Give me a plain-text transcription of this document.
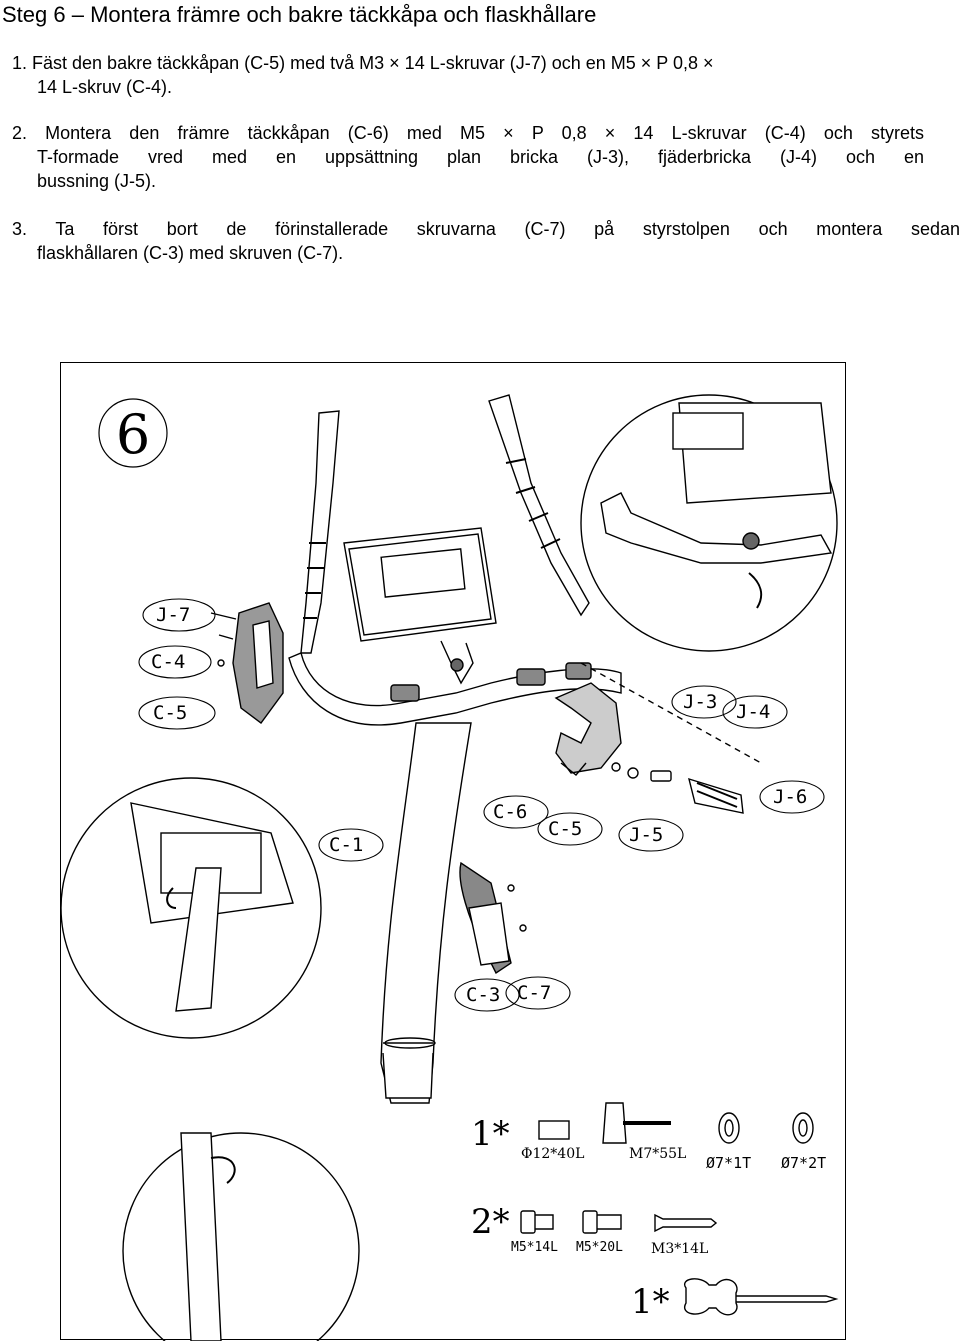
Steg 6 – Montera främre och bakre täckkåpa och flaskhållare
1. Fäst den bakre täckkåpan (C-5) med två M3 × 14 L-skruvar (J-7) och en M5 × P 0,8 ×
14 L-skruv (C-4).
2. Montera den främre täckkåpan (C-6) med M5 × P 0,8 × 14 L-skruvar (C-4) och styrets
T-formade vred med en uppsättning plan bricka (J-3), fjäderbricka (J-4) och en
bussning (J-5).
3. Ta först bort de förinstallerade skruvarna (C-7) på styrstolpen och montera sedan
flaskhållaren (C-3) med skruven (C-7).
6
J-7
C-4
C-5	J-3 J-4
J-6
C-6
C-5 J-5
C-1
C-3 C-7
1* Φ12*40L	M7*55L Ø7*1T Ø7*2T
2*
M5*14L M5*20L M3*14L
1*
